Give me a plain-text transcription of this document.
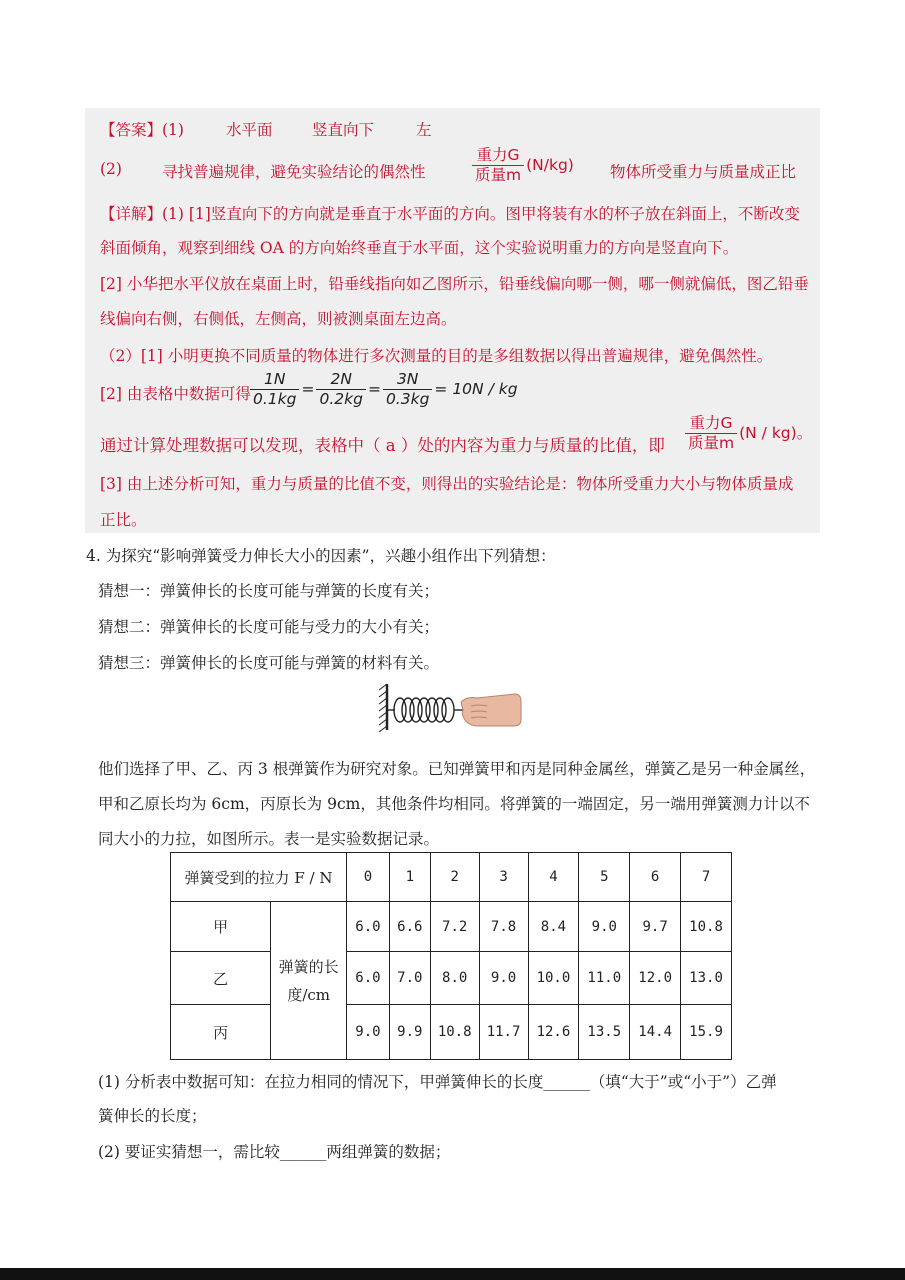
【答案】(1)	水平面	竖直向下	左
(2)	寻找普遍规律，避免实验结论的偶然性	$\frac{\text{重力G}}{\text{质量m}} (N/kg)$ 物体所受重力与质量成正比
【详解】(1) [1]竖直向下的方向就是垂直于水平面的方向。图甲将装有水的杯子放在斜面上，不断改变
斜面倾角，观察到细线 OA 的方向始终垂直于水平面，这个实验说明重力的方向是竖直向下。
[2] 小华把水平仪放在桌面上时，铅垂线指向如乙图所示，铅垂线偏向哪一侧，哪一侧就偏低，图乙铅垂
线偏向右侧，右侧低，左侧高，则被测桌面左边高。
（2）[1] 小明更换不同质量的物体进行多次测量的目的是多组数据以得出普遍规律，避免偶然性。
[2] 由表格中数据可得 $\frac{1N}{0.1kg} = \frac{2N}{0.2kg} = \frac{3N}{0.3kg} = 10N$ / kg
通过计算处理数据可以发现，表格中（ a ）处的内容为重力与质量的比值，即 $\frac{\text{重力G}}{\text{质量m}} (N / kg)$。
[3] 由上述分析可知，重力与质量的比值不变，则得出的实验结论是：物体所受重力大小与物体质量成
正比。
4. 为探究“影响弹簧受力伸长大小的因素”，兴趣小组作出下列猜想：
猜想一：弹簧伸长的长度可能与弹簧的长度有关；
猜想二：弹簧伸长的长度可能与受力的大小有关；
猜想三：弹簧伸长的长度可能与弹簧的材料有关。
他们选择了甲、乙、丙 3 根弹簧作为研究对象。已知弹簧甲和丙是同种金属丝，弹簧乙是另一种金属丝，
甲和乙原长均为 6cm，丙原长为 9cm，其他条件均相同。将弹簧的一端固定，另一端用弹簧测力计以不
同大小的力拉，如图所示。表一是实验数据记录。
弹簧受到的拉力 F / N		0	1	2	3	4	5	6	7
甲	弹簧的长度/cm	6.0	6.6	7.2	7.8	8.4	9.0	9.7	10.8
乙		6.0	7.0	8.0	9.0	10.0	11.0	12.0	13.0
丙		9.0	9.9	10.8	11.7	12.6	13.5	14.4	15.9
(1) 分析表中数据可知：在拉力相同的情况下，甲弹簧伸长的长度______（填“大于”或“小于”）乙弹
簧伸长的长度；
(2) 要证实猜想一，需比较______两组弹簧的数据；
